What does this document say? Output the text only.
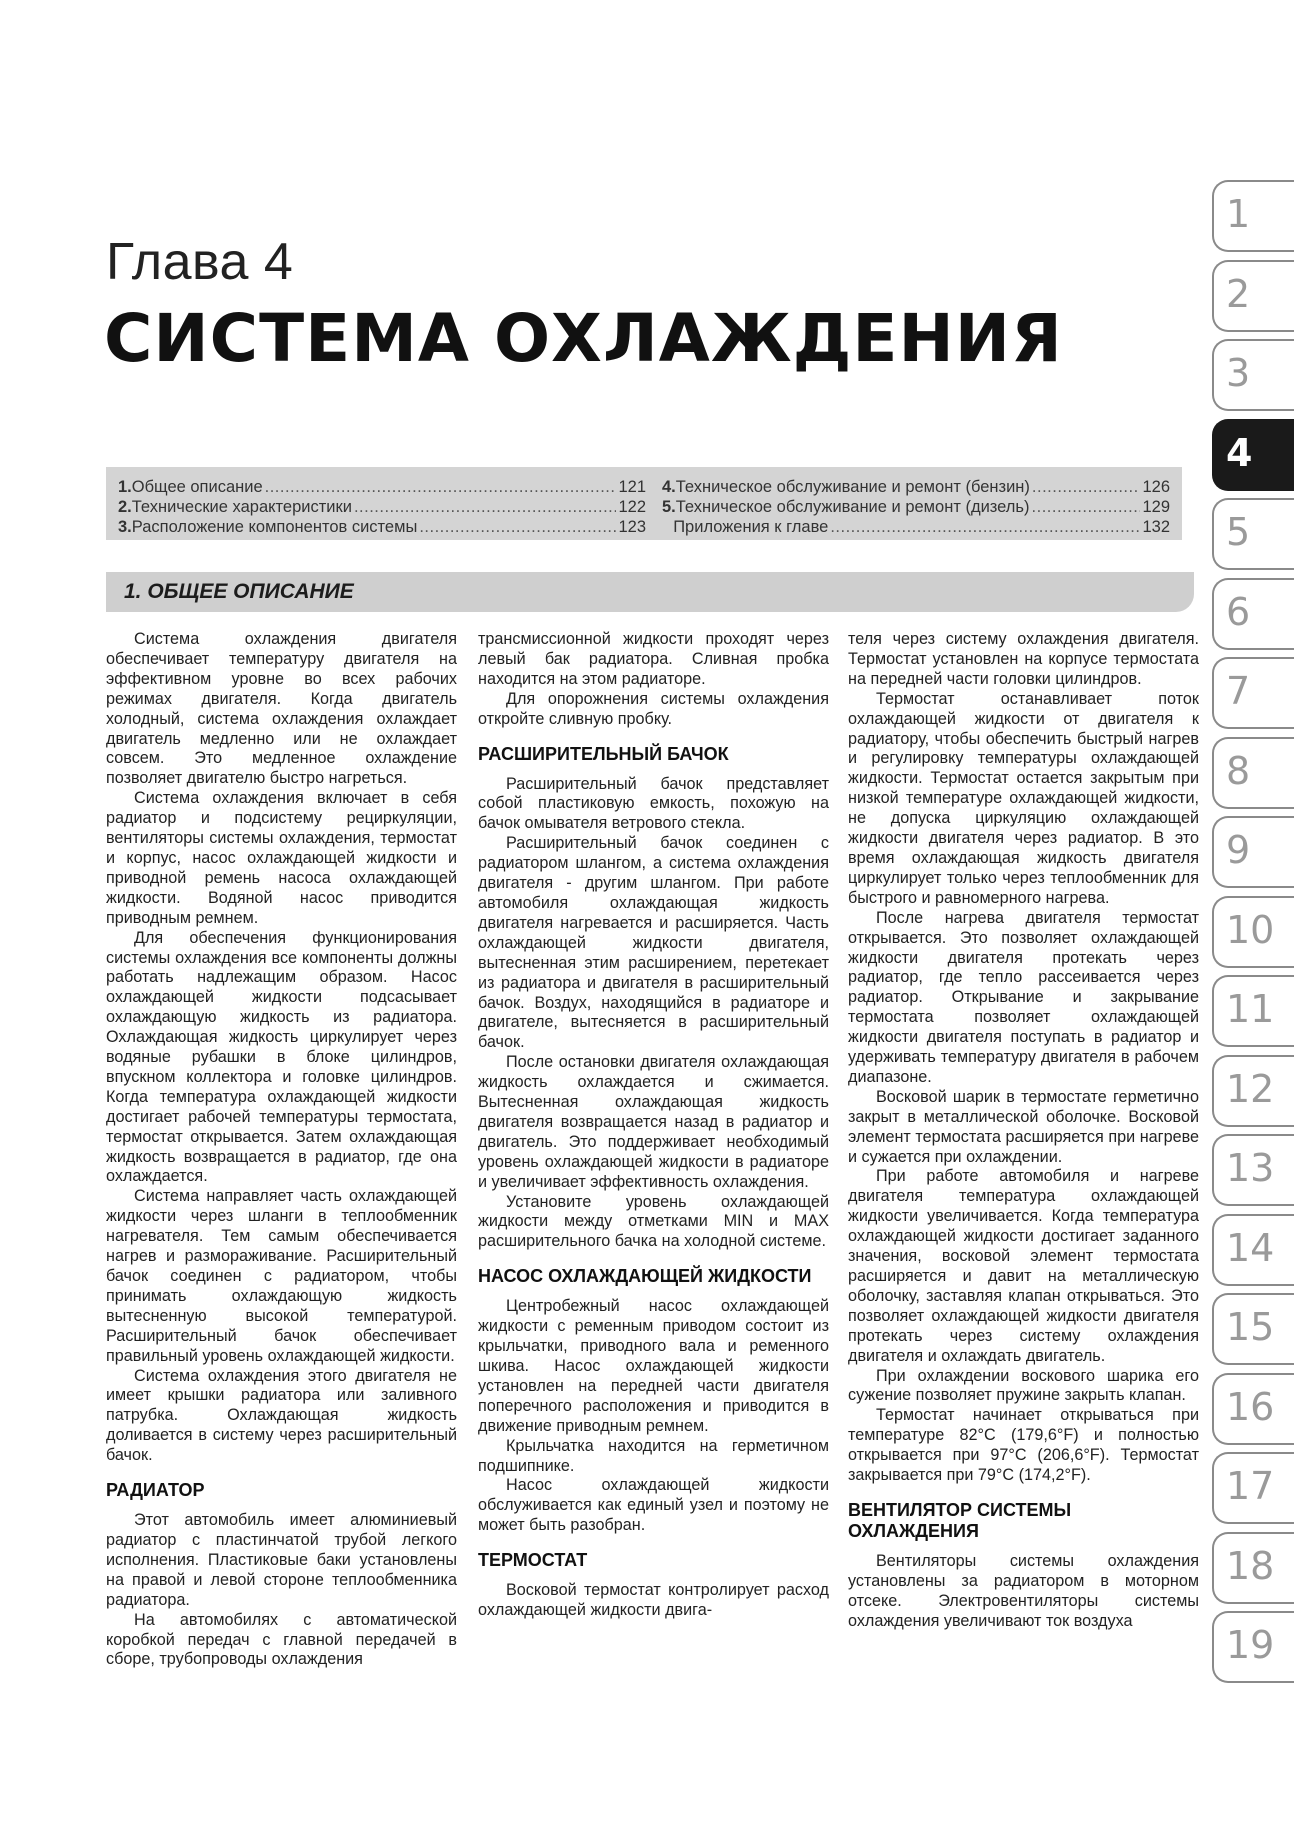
Глава 4
СИСТЕМА ОХЛАЖДЕНИЯ
1. Общее описание .....	121
2. Технические характеристики .....	122
3. Расположение компонентов системы .....	123
4. Техническое обслуживание и ремонт (бензин) .....	126
5. Техническое обслуживание и ремонт (дизель) .....	129
Приложения к главе .....	132
1. ОБЩЕЕ ОПИСАНИЕ

Система охлаждения двигателя обеспечивает температуру двигателя на эффективном уровне во всех рабочих режимах двигателя. Когда двигатель холодный, система охлаждения охлаждает двигатель медленно или не охлаждает совсем. Это медленное охлаждение позволяет двигателю быстро нагреться.

Система охлаждения включает в себя радиатор и подсистему рециркуляции, вентиляторы системы охлаждения, термостат и корпус, насос охлаждающей жидкости и приводной ремень насоса охлаждающей жидкости. Водяной насос приводится приводным ремнем.

Для обеспечения функционирования системы охлаждения все компоненты должны работать надлежащим образом. Насос охлаждающей жидкости подсасывает охлаждающую жидкость из радиатора. Охлаждающая жидкость циркулирует через водяные рубашки в блоке цилиндров, впускном коллектора и головке цилиндров. Когда температура охлаждающей жидкости достигает рабочей температуры термостата, термостат открывается. Затем охлаждающая жидкость возвращается в радиатор, где она охлаждается.

Система направляет часть охлаждающей жидкости через шланги в теплообменник нагревателя. Тем самым обеспечивается нагрев и размораживание. Расширительный бачок соединен с радиатором, чтобы принимать охлаждающую жидкость вытесненную высокой температурой. Расширительный бачок обеспечивает правильный уровень охлаждающей жидкости.

Система охлаждения этого двигателя не имеет крышки радиатора или заливного патрубка. Охлаждающая жидкость доливается в систему через расширительный бачок.

РАДИАТОР

Этот автомобиль имеет алюминиевый радиатор с пластинчатой трубой легкого исполнения. Пластиковые баки установлены на правой и левой стороне теплообменника радиатора.

На автомобилях с автоматической коробкой передач с главной передачей в сборе, трубопроводы охлаждения

трансмиссионной жидкости проходят через левый бак радиатора. Сливная пробка находится на этом радиаторе.

Для опорожнения системы охлаждения откройте сливную пробку.

РАСШИРИТЕЛЬНЫЙ БАЧОК

Расширительный бачок представляет собой пластиковую емкость, похожую на бачок омывателя ветрового стекла.

Расширительный бачок соединен с радиатором шлангом, а система охлаждения двигателя - другим шлангом. При работе автомобиля охлаждающая жидкость двигателя нагревается и расширяется. Часть охлаждающей жидкости двигателя, вытесненная этим расширением, перетекает из радиатора и двигателя в расширительный бачок. Воздух, находящийся в радиаторе и двигателе, вытесняется в расширительный бачок.

После остановки двигателя охлаждающая жидкость охлаждается и сжимается. Вытесненная охлаждающая жидкость двигателя возвращается назад в радиатор и двигатель. Это поддерживает необходимый уровень охлаждающей жидкости в радиаторе и увеличивает эффективность охлаждения.

Установите уровень охлаждающей жидкости между отметками MIN и MAX расширительного бачка на холодной системе.

НАСОС ОХЛАЖДАЮЩЕЙ ЖИДКОСТИ

Центробежный насос охлаждающей жидкости с ременным приводом состоит из крыльчатки, приводного вала и ременного шкива. Насос охлаждающей жидкости установлен на передней части двигателя поперечного расположения и приводится в движение приводным ремнем.

Крыльчатка находится на герметичном подшипнике.

Насос охлаждающей жидкости обслуживается как единый узел и поэтому не может быть разобран.

ТЕРМОСТАТ

Восковой термостат контролирует расход охлаждающей жидкости двига-

теля через систему охлаждения двигателя. Термостат установлен на корпусе термостата на передней части головки цилиндров.

Термостат останавливает поток охлаждающей жидкости от двигателя к радиатору, чтобы обеспечить быстрый нагрев и регулировку температуры охлаждающей жидкости. Термостат остается закрытым при низкой температуре охлаждающей жидкости, не допуска циркуляцию охлаждающей жидкости двигателя через радиатор. В это время охлаждающая жидкость двигателя циркулирует только через теплообменник для быстрого и равномерного нагрева.

После нагрева двигателя термостат открывается. Это позволяет охлаждающей жидкости двигателя протекать через радиатор, где тепло рассеивается через радиатор. Открывание и закрывание термостата позволяет охлаждающей жидкости двигателя поступать в радиатор и удерживать температуру двигателя в рабочем диапазоне.

Восковой шарик в термостате герметично закрыт в металлической оболочке. Восковой элемент термостата расширяется при нагреве и сужается при охлаждении.

При работе автомобиля и нагреве двигателя температура охлаждающей жидкости увеличивается. Когда температура охлаждающей жидкости достигает заданного значения, восковой элемент термостата расширяется и давит на металлическую оболочку, заставляя клапан открываться. Это позволяет охлаждающей жидкости двигателя протекать через систему охлаждения двигателя и охлаждать двигатель.

При охлаждении воскового шарика его сужение позволяет пружине закрыть клапан.

Термостат начинает открываться при температуре 82°C (179,6°F) и полностью открывается при 97°C (206,6°F). Термостат закрывается при 79°C (174,2°F).

ВЕНТИЛЯТОР СИСТЕМЫ ОХЛАЖДЕНИЯ

Вентиляторы системы охлаждения установлены за радиатором в моторном отсеке. Электровентиляторы системы охлаждения увеличивают ток воздуха

1
2
3
4
5
6
7
8
9
10
11
12
13
14
15
16
17
18
19
